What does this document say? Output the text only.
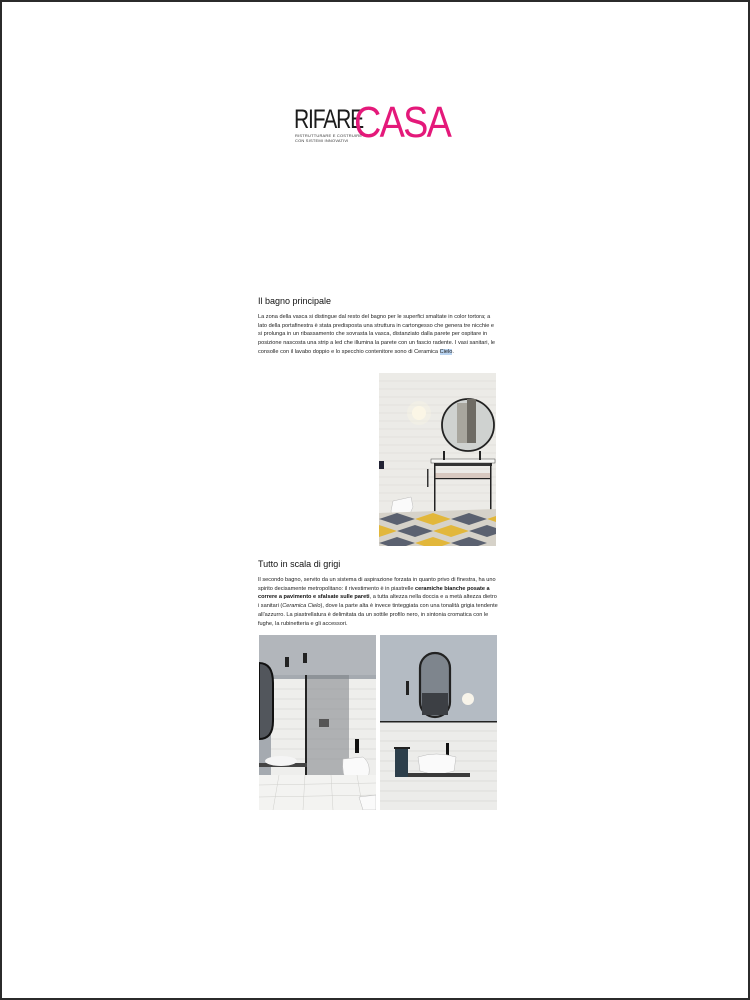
RIFARE
CASA
RISTRUTTURARE E COSTRUIRE
CON SISTEMI INNOVATIVI
Il bagno principale
La zona della vasca si distingue dal resto del bagno per le superfici smaltate in color tortora; a lato della portafinestra è stata predisposta una struttura in cartongesso che genera tre nicchie e si prolunga in un ribassamento che sovrasta la vasca, distanziato dalla parete per ospitare in posizione nascosta una strip a led che illumina la parete con un fascio radente. I vasi sanitari, le consolle con il lavabo doppio e lo specchio contenitore sono di Ceramica Cielo.
Tutto in scala di grigi
Il secondo bagno, servito da un sistema di aspirazione forzata in quanto privo di finestra, ha uno spirito decisamente metropolitano: il rivestimento è in piastrelle ceramiche bianche posate a correre a pavimento e sfalsate sulle pareti, a tutta altezza nella doccia e a metà altezza dietro i sanitari (Ceramica Cielo), dove la parte alta è invece tinteggiata con una tonalità grigia tendente all'azzurro. La piastrellatura è delimitata da un sottile profilo nero, in sintonia cromatica con le fughe, la rubinetteria e gli accessori.
